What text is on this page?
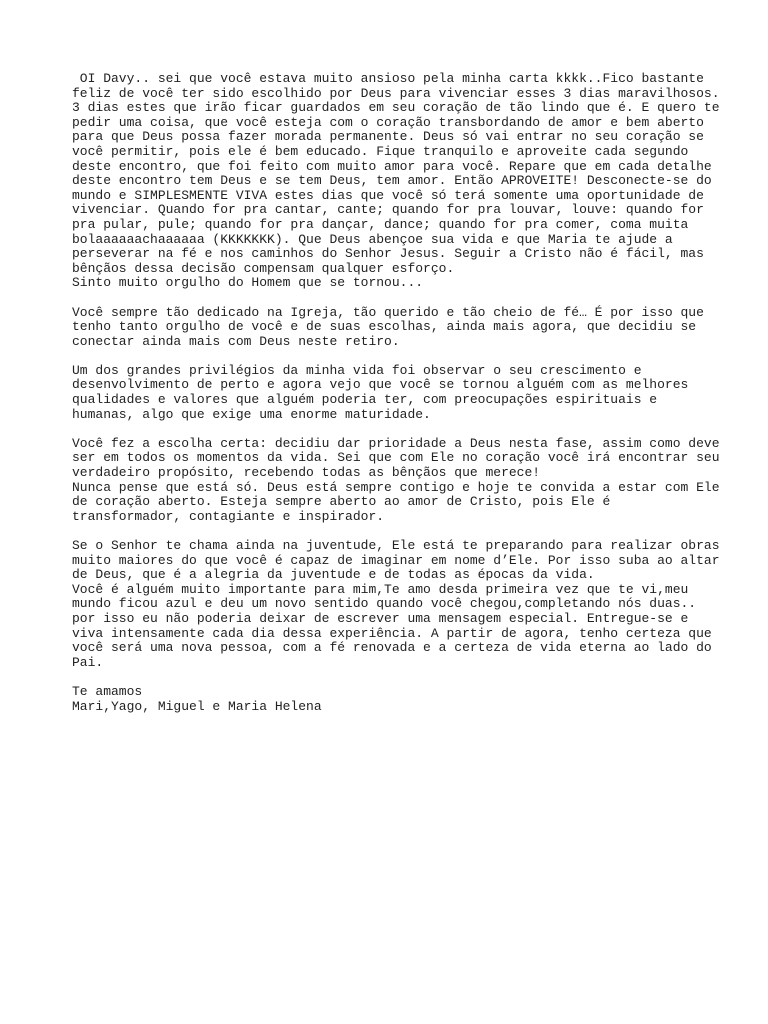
OI Davy.. sei que você estava muito ansioso pela minha carta kkkk..Fico bastante
feliz de você ter sido escolhido por Deus para vivenciar esses 3 dias maravilhosos.
3 dias estes que irão ficar guardados em seu coração de tão lindo que é. E quero te
pedir uma coisa, que você esteja com o coração transbordando de amor e bem aberto
para que Deus possa fazer morada permanente. Deus só vai entrar no seu coração se
você permitir, pois ele é bem educado. Fique tranquilo e aproveite cada segundo
deste encontro, que foi feito com muito amor para você. Repare que em cada detalhe
deste encontro tem Deus e se tem Deus, tem amor. Então APROVEITE! Desconecte-se do
mundo e SIMPLESMENTE VIVA estes dias que você só terá somente uma oportunidade de
vivenciar. Quando for pra cantar, cante; quando for pra louvar, louve: quando for
pra pular, pule; quando for pra dançar, dance; quando for pra comer, coma muita
bolaaaaaachaaaaaa (KKKKKKK). Que Deus abençoe sua vida e que Maria te ajude a
perseverar na fé e nos caminhos do Senhor Jesus. Seguir a Cristo não é fácil, mas
bênçãos dessa decisão compensam qualquer esforço.
Sinto muito orgulho do Homem que se tornou...
Você sempre tão dedicado na Igreja, tão querido e tão cheio de fé… É por isso que
tenho tanto orgulho de você e de suas escolhas, ainda mais agora, que decidiu se
conectar ainda mais com Deus neste retiro.
Um dos grandes privilégios da minha vida foi observar o seu crescimento e
desenvolvimento de perto e agora vejo que você se tornou alguém com as melhores
qualidades e valores que alguém poderia ter, com preocupações espirituais e
humanas, algo que exige uma enorme maturidade.
Você fez a escolha certa: decidiu dar prioridade a Deus nesta fase, assim como deve
ser em todos os momentos da vida. Sei que com Ele no coração você irá encontrar seu
verdadeiro propósito, recebendo todas as bênçãos que merece!
Nunca pense que está só. Deus está sempre contigo e hoje te convida a estar com Ele
de coração aberto. Esteja sempre aberto ao amor de Cristo, pois Ele é
transformador, contagiante e inspirador.
Se o Senhor te chama ainda na juventude, Ele está te preparando para realizar obras
muito maiores do que você é capaz de imaginar em nome d’Ele. Por isso suba ao altar
de Deus, que é a alegria da juventude e de todas as épocas da vida.
Você é alguém muito importante para mim,Te amo desda primeira vez que te vi,meu
mundo ficou azul e deu um novo sentido quando você chegou,completando nós duas..
por isso eu não poderia deixar de escrever uma mensagem especial. Entregue-se e
viva intensamente cada dia dessa experiência. A partir de agora, tenho certeza que
você será uma nova pessoa, com a fé renovada e a certeza de vida eterna ao lado do
Pai.
Te amamos
Mari,Yago, Miguel e Maria Helena
